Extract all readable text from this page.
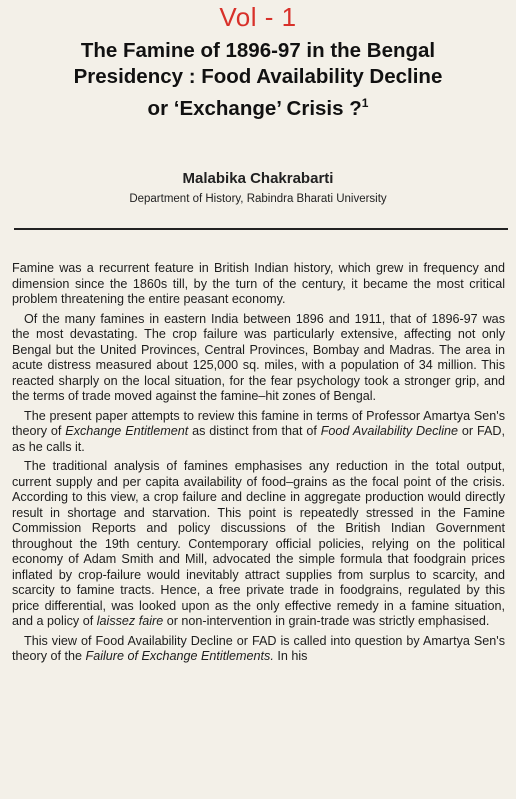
Vol - 1
The Famine of 1896-97 in the Bengal
Presidency : Food Availability Decline
or ‘Exchange’ Crisis ?$^1$
Malabika Chakrabarti
Department of History, Rabindra Bharati University

Famine was a recurrent feature in British Indian history, which grew in frequency and dimension since the 1860s till, by the turn of the century, it became the most critical problem threatening the entire peasant economy.

Of the many famines in eastern India between 1896 and 1911, that of 1896-97 was the most devastating. The crop failure was particularly extensive, affecting not only Bengal but the United Provinces, Central Provinces, Bombay and Madras. The area in acute distress measured about 125,000 sq. miles, with a population of 34 million. This reacted sharply on the local situation, for the fear psychology took a stronger grip, and the terms of trade moved against the famine–hit zones of Bengal.

The present paper attempts to review this famine in terms of Professor Amartya Sen's theory of Exchange Entitlement as distinct from that of Food Availability Decline or FAD, as he calls it.

The traditional analysis of famines emphasises any reduction in the total output, current supply and per capita availability of food–grains as the focal point of the crisis. According to this view, a crop failure and decline in aggregate production would directly result in shortage and starvation. This point is repeatedly stressed in the Famine Commission Reports and policy discussions of the British Indian Government throughout the 19th century. Contemporary official policies, relying on the political economy of Adam Smith and Mill, advocated the simple formula that foodgrain prices inflated by crop-failure would inevitably attract supplies from surplus to scarcity, and scarcity to famine tracts. Hence, a free private trade in foodgrains, regulated by this price differential, was looked upon as the only effective remedy in a famine situation, and a policy of laissez faire or non-intervention in grain-trade was strictly emphasised.

This view of Food Availability Decline or FAD is called into question by Amartya Sen's theory of the Failure of Exchange Entitlements. In his
